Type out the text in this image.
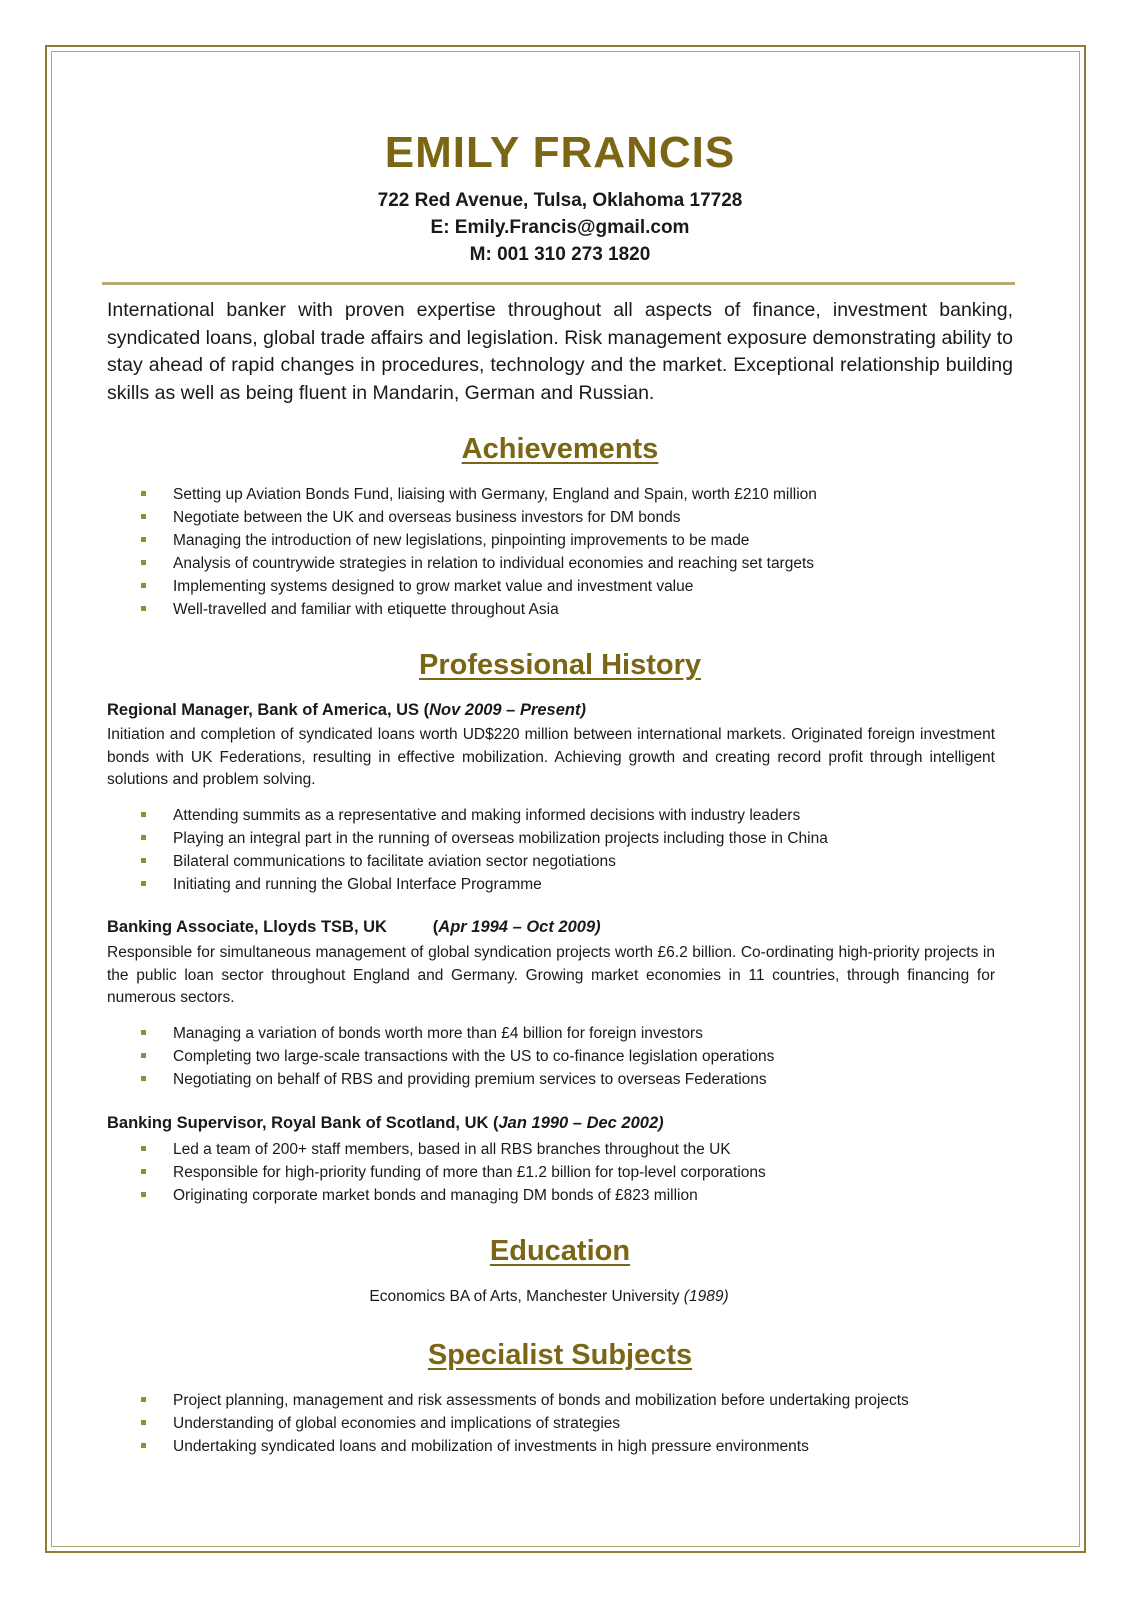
EMILY FRANCIS
722 Red Avenue, Tulsa, Oklahoma 17728
E: Emily.Francis@gmail.com
M: 001 310 273 1820

International banker with proven expertise throughout all aspects of finance, investment banking, syndicated loans, global trade affairs and legislation. Risk management exposure demonstrating ability to stay ahead of rapid changes in procedures, technology and the market. Exceptional relationship building skills as well as being fluent in Mandarin, German and Russian.

Achievements
Setting up Aviation Bonds Fund, liaising with Germany, England and Spain, worth £210 million
Negotiate between the UK and overseas business investors for DM bonds
Managing the introduction of new legislations, pinpointing improvements to be made
Analysis of countrywide strategies in relation to individual economies and reaching set targets
Implementing systems designed to grow market value and investment value
Well-travelled and familiar with etiquette throughout Asia
Professional History
Regional Manager, Bank of America, US (Nov 2009 – Present)

Initiation and completion of syndicated loans worth UD$220 million between international markets. Originated foreign investment bonds with UK Federations, resulting in effective mobilization. Achieving growth and creating record profit through intelligent solutions and problem solving.

Attending summits as a representative and making informed decisions with industry leaders
Playing an integral part in the running of overseas mobilization projects including those in China
Bilateral communications to facilitate aviation sector negotiations
Initiating and running the Global Interface Programme
Banking Associate, Lloyds TSB, UK          (Apr 1994 – Oct 2009)

Responsible for simultaneous management of global syndication projects worth £6.2 billion. Co-ordinating high-priority projects in the public loan sector throughout England and Germany. Growing market economies in 11 countries, through financing for numerous sectors.

Managing a variation of bonds worth more than £4 billion for foreign investors
Completing two large-scale transactions with the US to co-finance legislation operations
Negotiating on behalf of RBS and providing premium services to overseas Federations
Banking Supervisor, Royal Bank of Scotland, UK (Jan 1990 – Dec 2002)
Led a team of 200+ staff members, based in all RBS branches throughout the UK
Responsible for high-priority funding of more than £1.2 billion for top-level corporations
Originating corporate market bonds and managing DM bonds of £823 million
Education
Economics BA of Arts, Manchester University (1989)
Specialist Subjects
Project planning, management and risk assessments of bonds and mobilization before undertaking projects
Understanding of global economies and implications of strategies
Undertaking syndicated loans and mobilization of investments in high pressure environments
